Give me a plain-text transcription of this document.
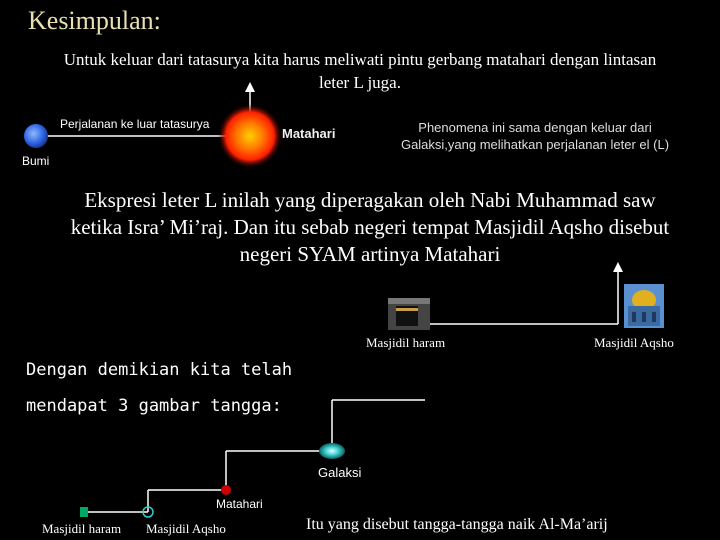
Kesimpulan:
Untuk keluar dari tatasurya kita harus meliwati pintu gerbang matahari dengan lintasan
leter L juga.
Perjalanan ke luar tatasurya
Bumi
Matahari	Phenomena ini sama dengan keluar dari
Galaksi,yang melihatkan perjalanan leter el (L)
Ekspresi leter L inilah yang diperagakan oleh Nabi Muhammad saw
ketika Isra’ Mi’raj. Dan itu sebab negeri tempat Masjidil Aqsho disebut
negeri SYAM artinya Matahari
Masjidil haram	Masjidil Aqsho
Dengan demikian kita telah
mendapat 3 gambar tangga:
Galaksi
Matahari
Masjidil haram Masjidil Aqsho	Itu yang disebut tangga-tangga naik Al-Ma’arij
